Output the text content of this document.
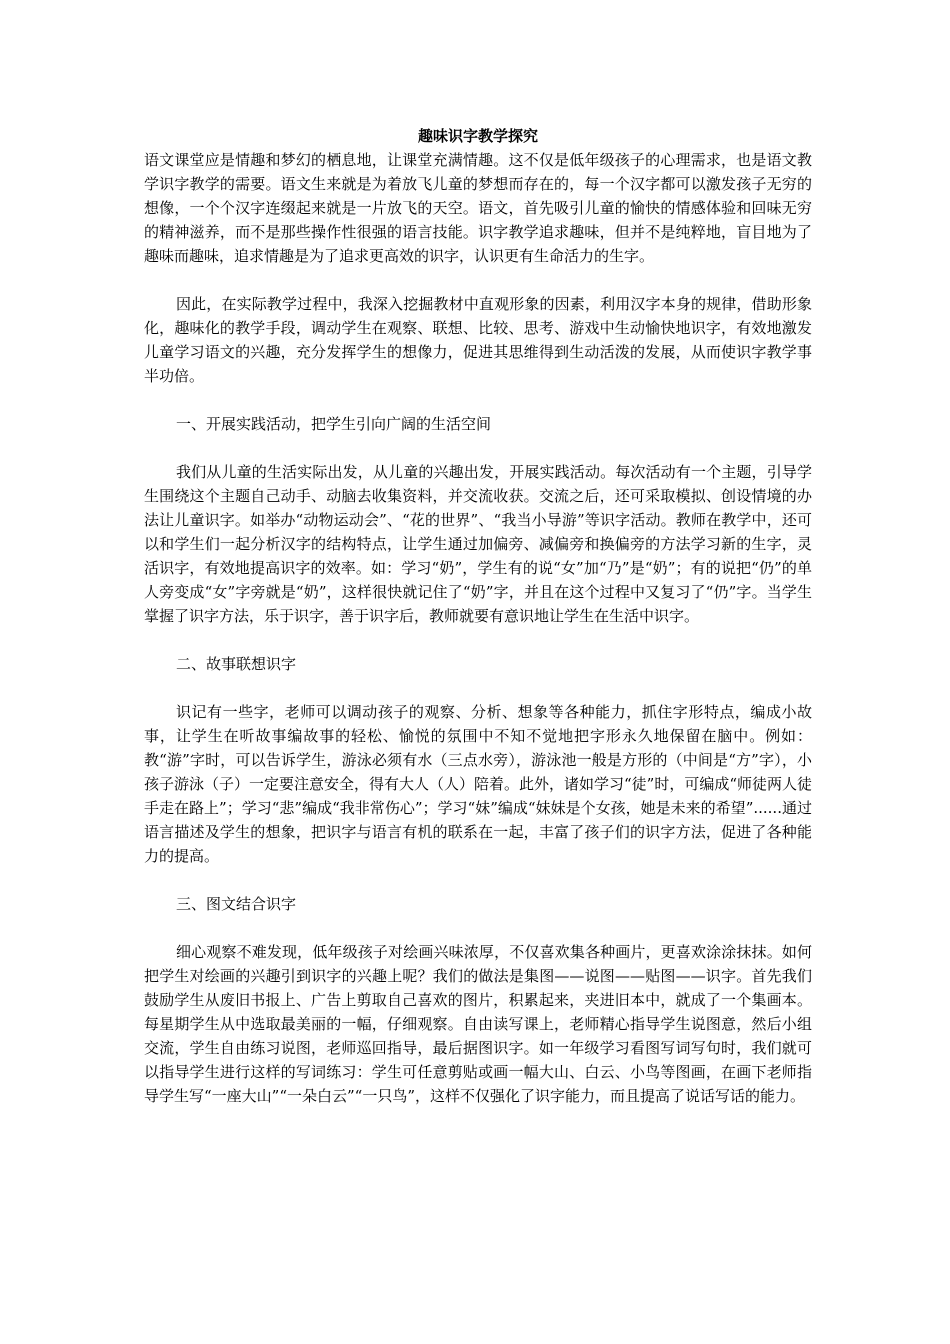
趣味识字教学探究

语文课堂应是情趣和梦幻的栖息地，让课堂充满情趣。这不仅是低年级孩子的心理需求，也是语文教学识字教学的需要。语文生来就是为着放飞儿童的梦想而存在的，每一个汉字都可以激发孩子无穷的想像，一个个汉字连缀起来就是一片放飞的天空。语文，首先吸引儿童的愉快的情感体验和回味无穷的精神滋养，而不是那些操作性很强的语言技能。识字教学追求趣味，但并不是纯粹地，盲目地为了趣味而趣味，追求情趣是为了追求更高效的识字，认识更有生命活力的生字。

因此，在实际教学过程中，我深入挖掘教材中直观形象的因素，利用汉字本身的规律，借助形象化，趣味化的教学手段，调动学生在观察、联想、比较、思考、游戏中生动愉快地识字，有效地激发儿童学习语文的兴趣，充分发挥学生的想像力，促进其思维得到生动活泼的发展，从而使识字教学事半功倍。

一、开展实践活动，把学生引向广阔的生活空间

我们从儿童的生活实际出发，从儿童的兴趣出发，开展实践活动。每次活动有一个主题，引导学生围绕这个主题自己动手、动脑去收集资料，并交流收获。交流之后，还可采取模拟、创设情境的办法让儿童识字。如举办“动物运动会”、“花的世界”、“我当小导游”等识字活动。教师在教学中，还可以和学生们一起分析汉字的结构特点，让学生通过加偏旁、减偏旁和换偏旁的方法学习新的生字，灵活识字，有效地提高识字的效率。如：学习“奶”，学生有的说“女”加“乃”是“奶”；有的说把“仍”的单人旁变成“女”字旁就是“奶”，这样很快就记住了“奶”字，并且在这个过程中又复习了“仍”字。当学生掌握了识字方法，乐于识字，善于识字后，教师就要有意识地让学生在生活中识字。

二、故事联想识字

识记有一些字，老师可以调动孩子的观察、分析、想象等各种能力，抓住字形特点，编成小故事，让学生在听故事编故事的轻松、愉悦的氛围中不知不觉地把字形永久地保留在脑中。例如：教“游”字时，可以告诉学生，游泳必须有水（三点水旁），游泳池一般是方形的（中间是“方”字），小孩子游泳（子）一定要注意安全，得有大人（人）陪着。此外，诸如学习“徒”时，可编成“师徒两人徒手走在路上”；学习“悲”编成“我非常伤心”；学习“妹”编成“妹妹是个女孩，她是未来的希望”......通过语言描述及学生的想象，把识字与语言有机的联系在一起，丰富了孩子们的识字方法，促进了各种能力的提高。

三、图文结合识字

细心观察不难发现，低年级孩子对绘画兴味浓厚，不仅喜欢集各种画片，更喜欢涂涂抹抹。如何把学生对绘画的兴趣引到识字的兴趣上呢？我们的做法是集图——说图——贴图——识字。首先我们鼓励学生从废旧书报上、广告上剪取自己喜欢的图片，积累起来，夹进旧本中，就成了一个集画本。每星期学生从中选取最美丽的一幅，仔细观察。自由读写课上，老师精心指导学生说图意，然后小组交流，学生自由练习说图，老师巡回指导，最后据图识字。如一年级学习看图写词写句时，我们就可以指导学生进行这样的写词练习：学生可任意剪贴或画一幅大山、白云、小鸟等图画，在画下老师指导学生写“一座大山”“一朵白云”“一只鸟”，这样不仅强化了识字能力，而且提高了说话写话的能力。
